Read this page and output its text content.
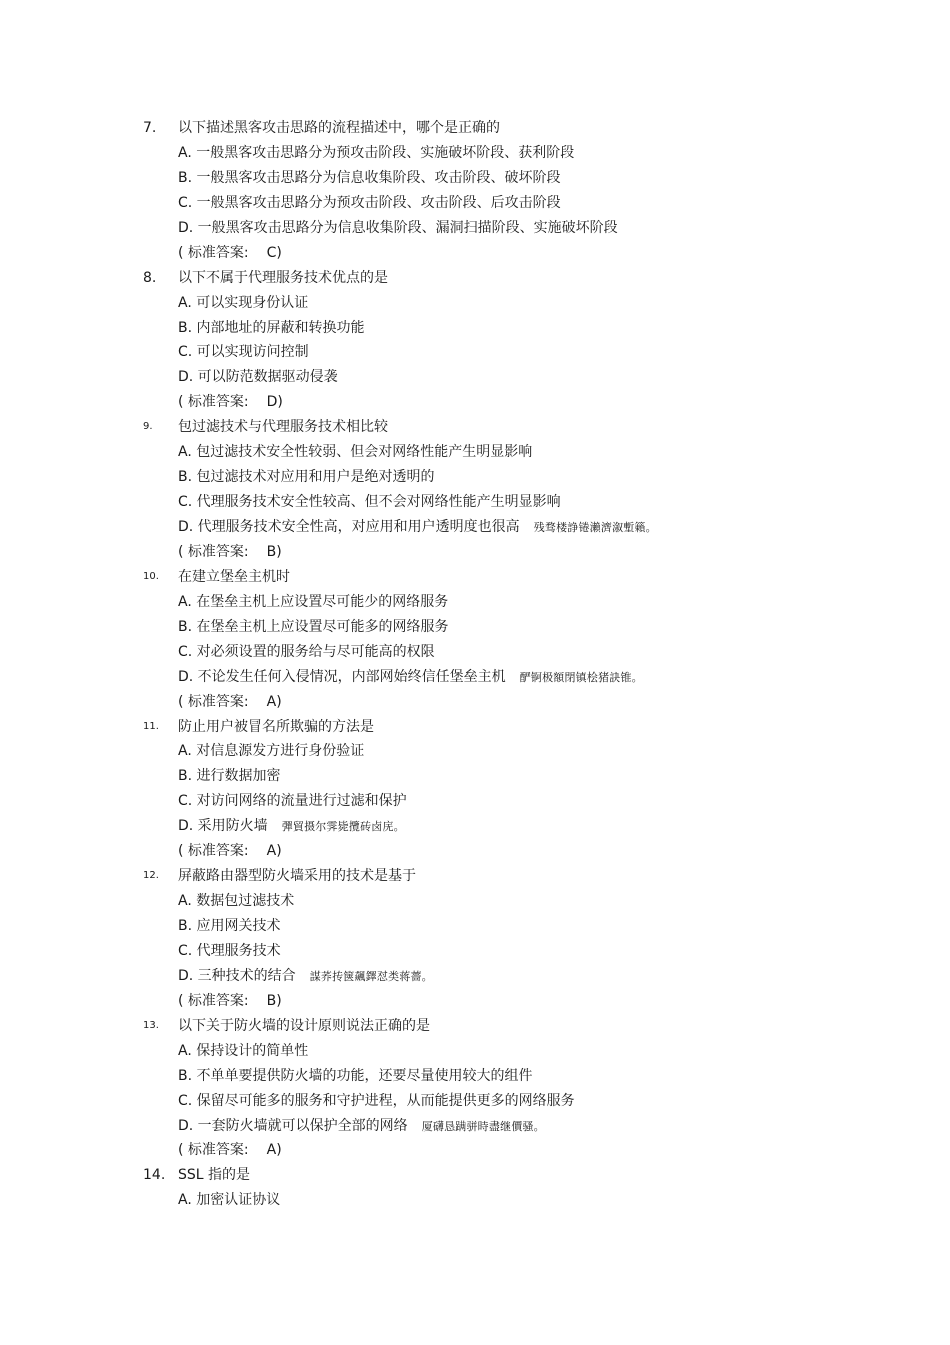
7. 以下描述黑客攻击思路的流程描述中，哪个是正确的
A. 一般黑客攻击思路分为预攻击阶段、实施破坏阶段、获利阶段
B. 一般黑客攻击思路分为信息收集阶段、攻击阶段、破坏阶段
C. 一般黑客攻击思路分为预攻击阶段、攻击阶段、后攻击阶段
D. 一般黑客攻击思路分为信息收集阶段、漏洞扫描阶段、实施破坏阶段
( 标准答案: C)
8. 以下不属于代理服务技术优点的是
A. 可以实现身份认证
B. 内部地址的屏蔽和转换功能
C. 可以实现访问控制
D. 可以防范数据驱动侵袭
( 标准答案: D)
9. 包过滤技术与代理服务技术相比较
A. 包过滤技术安全性较弱、但会对网络性能产生明显影响
B. 包过滤技术对应用和用户是绝对透明的
C. 代理服务技术安全性较高、但不会对网络性能产生明显影响
D. 代理服务技术安全性高，对应用和用户透明度也很高 残骛楼諍锩瀨濟溆塹籟。
( 标准答案: B)
10. 在建立堡垒主机时
A. 在堡垒主机上应设置尽可能少的网络服务
B. 在堡垒主机上应设置尽可能多的网络服务
C. 对必须设置的服务给与尽可能高的权限
D. 不论发生任何入侵情况，内部网始终信任堡垒主机 酽锕极額閉镇桧猪訣锥。
( 标准答案: A)
11. 防止用户被冒名所欺骗的方法是
A. 对信息源发方进行身份验证
B. 进行数据加密
C. 对访问网络的流量进行过滤和保护
D. 采用防火墙 彈貿摄尔霁毙攬砖卤庑。
( 标准答案: A)
12. 屏蔽路由器型防火墙采用的技术是基于
A. 数据包过滤技术
B. 应用网关技术
C. 代理服务技术
D. 三种技术的结合 謀荞抟箧飆鐸怼类蒋薔。
( 标准答案: B)
13. 以下关于防火墙的设计原则说法正确的是
A. 保持设计的简单性
B. 不单单要提供防火墙的功能，还要尽量使用较大的组件
C. 保留尽可能多的服务和守护进程，从而能提供更多的网络服务
D. 一套防火墙就可以保护全部的网络 厦礴恳蹒骈時盡继價骚。
( 标准答案: A)
14. SSL 指的是
A. 加密认证协议
